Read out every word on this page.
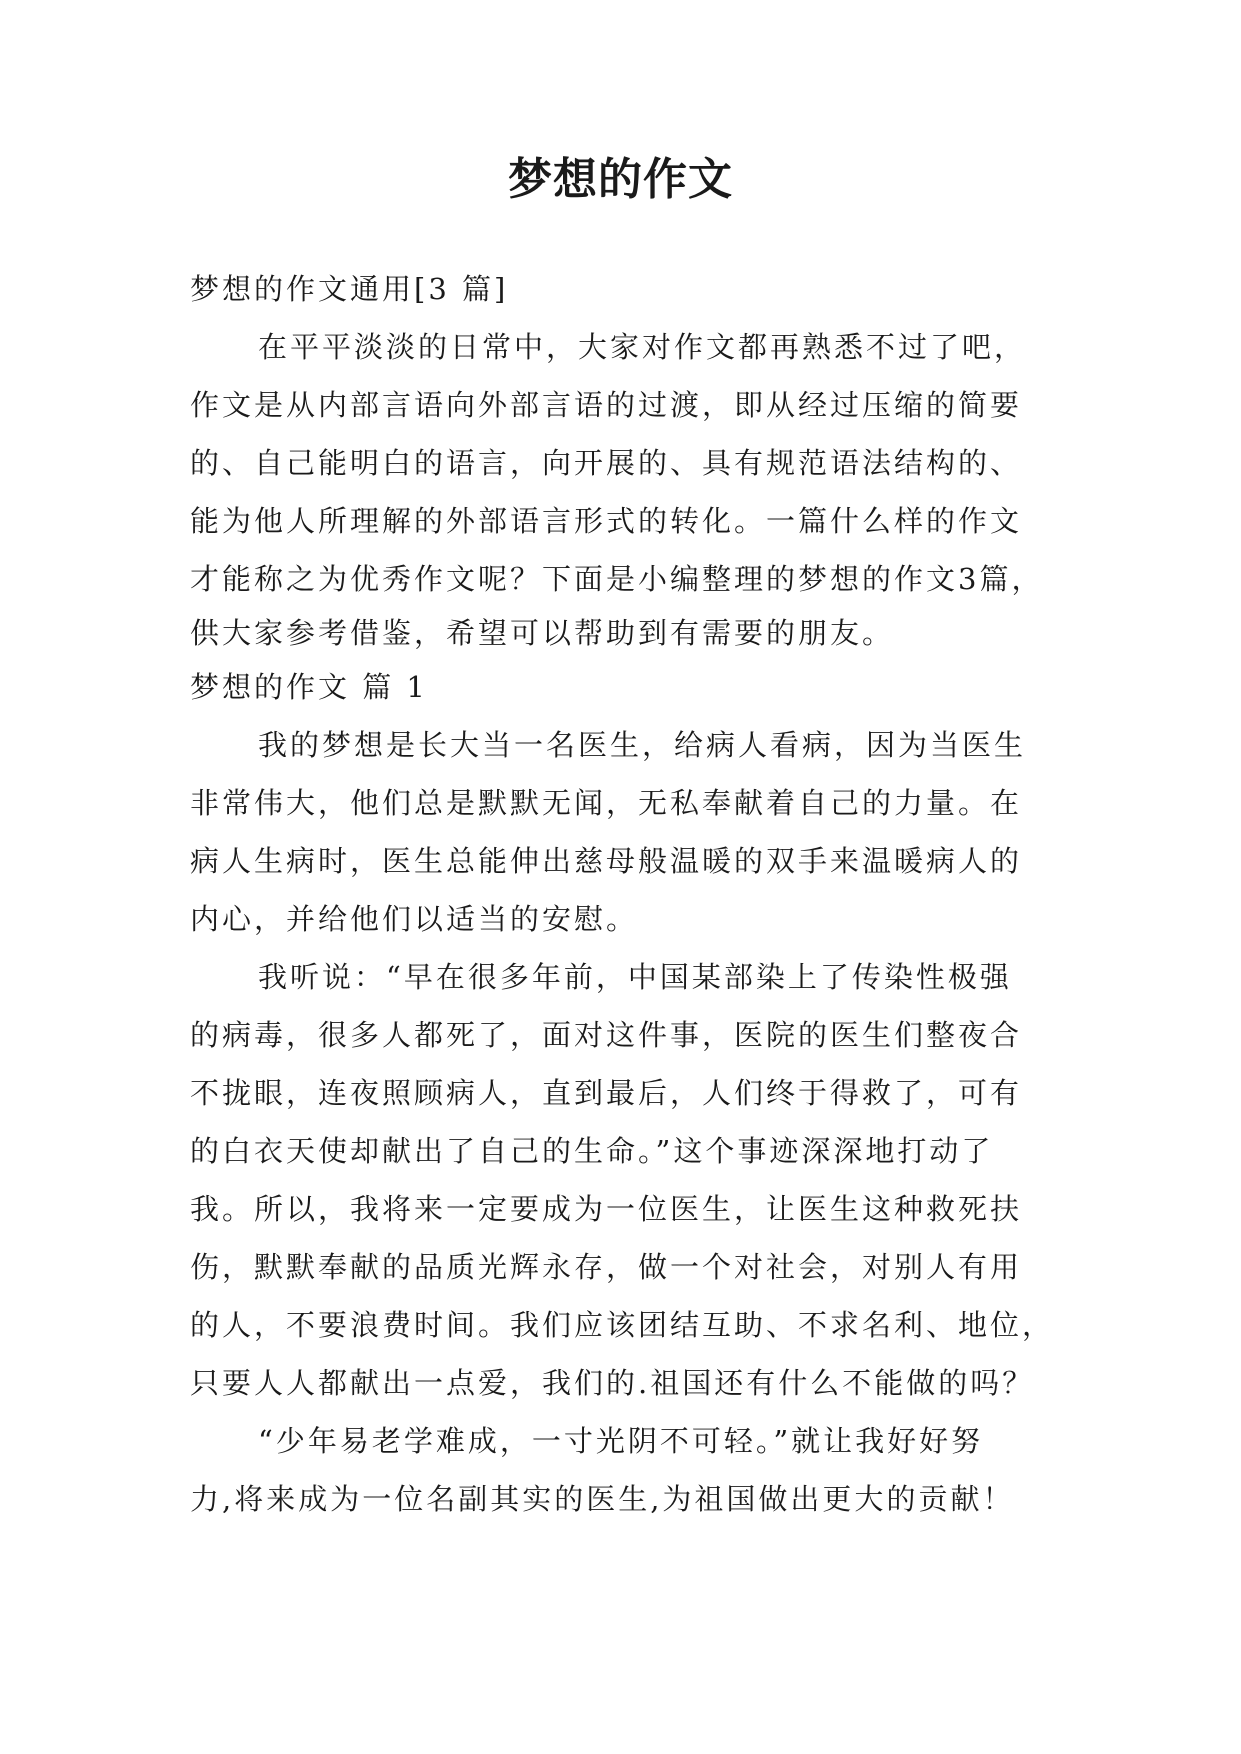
梦想的作文
梦想的作文通用[3 篇]
在平平淡淡的日常中，大家对作文都再熟悉不过了吧，
作文是从内部言语向外部言语的过渡，即从经过压缩的简要
的、自己能明白的语言，向开展的、具有规范语法结构的、
能为他人所理解的外部语言形式的转化。一篇什么样的作文
才能称之为优秀作文呢？下面是小编整理的梦想的作文3篇，
供大家参考借鉴，希望可以帮助到有需要的朋友。
梦想的作文 篇 1
我的梦想是长大当一名医生，给病人看病，因为当医生
非常伟大，他们总是默默无闻，无私奉献着自己的力量。在
病人生病时，医生总能伸出慈母般温暖的双手来温暖病人的
内心，并给他们以适当的安慰。
我听说：“早在很多年前，中国某部染上了传染性极强
的病毒，很多人都死了，面对这件事，医院的医生们整夜合
不拢眼，连夜照顾病人，直到最后，人们终于得救了，可有
的白衣天使却献出了自己的生命。”这个事迹深深地打动了
我。所以，我将来一定要成为一位医生，让医生这种救死扶
伤，默默奉献的品质光辉永存，做一个对社会，对别人有用
的人，不要浪费时间。我们应该团结互助、不求名利、地位，
只要人人都献出一点爱，我们的.祖国还有什么不能做的吗？
“少年易老学难成，一寸光阴不可轻。”就让我好好努
力,将来成为一位名副其实的医生,为祖国做出更大的贡献！
